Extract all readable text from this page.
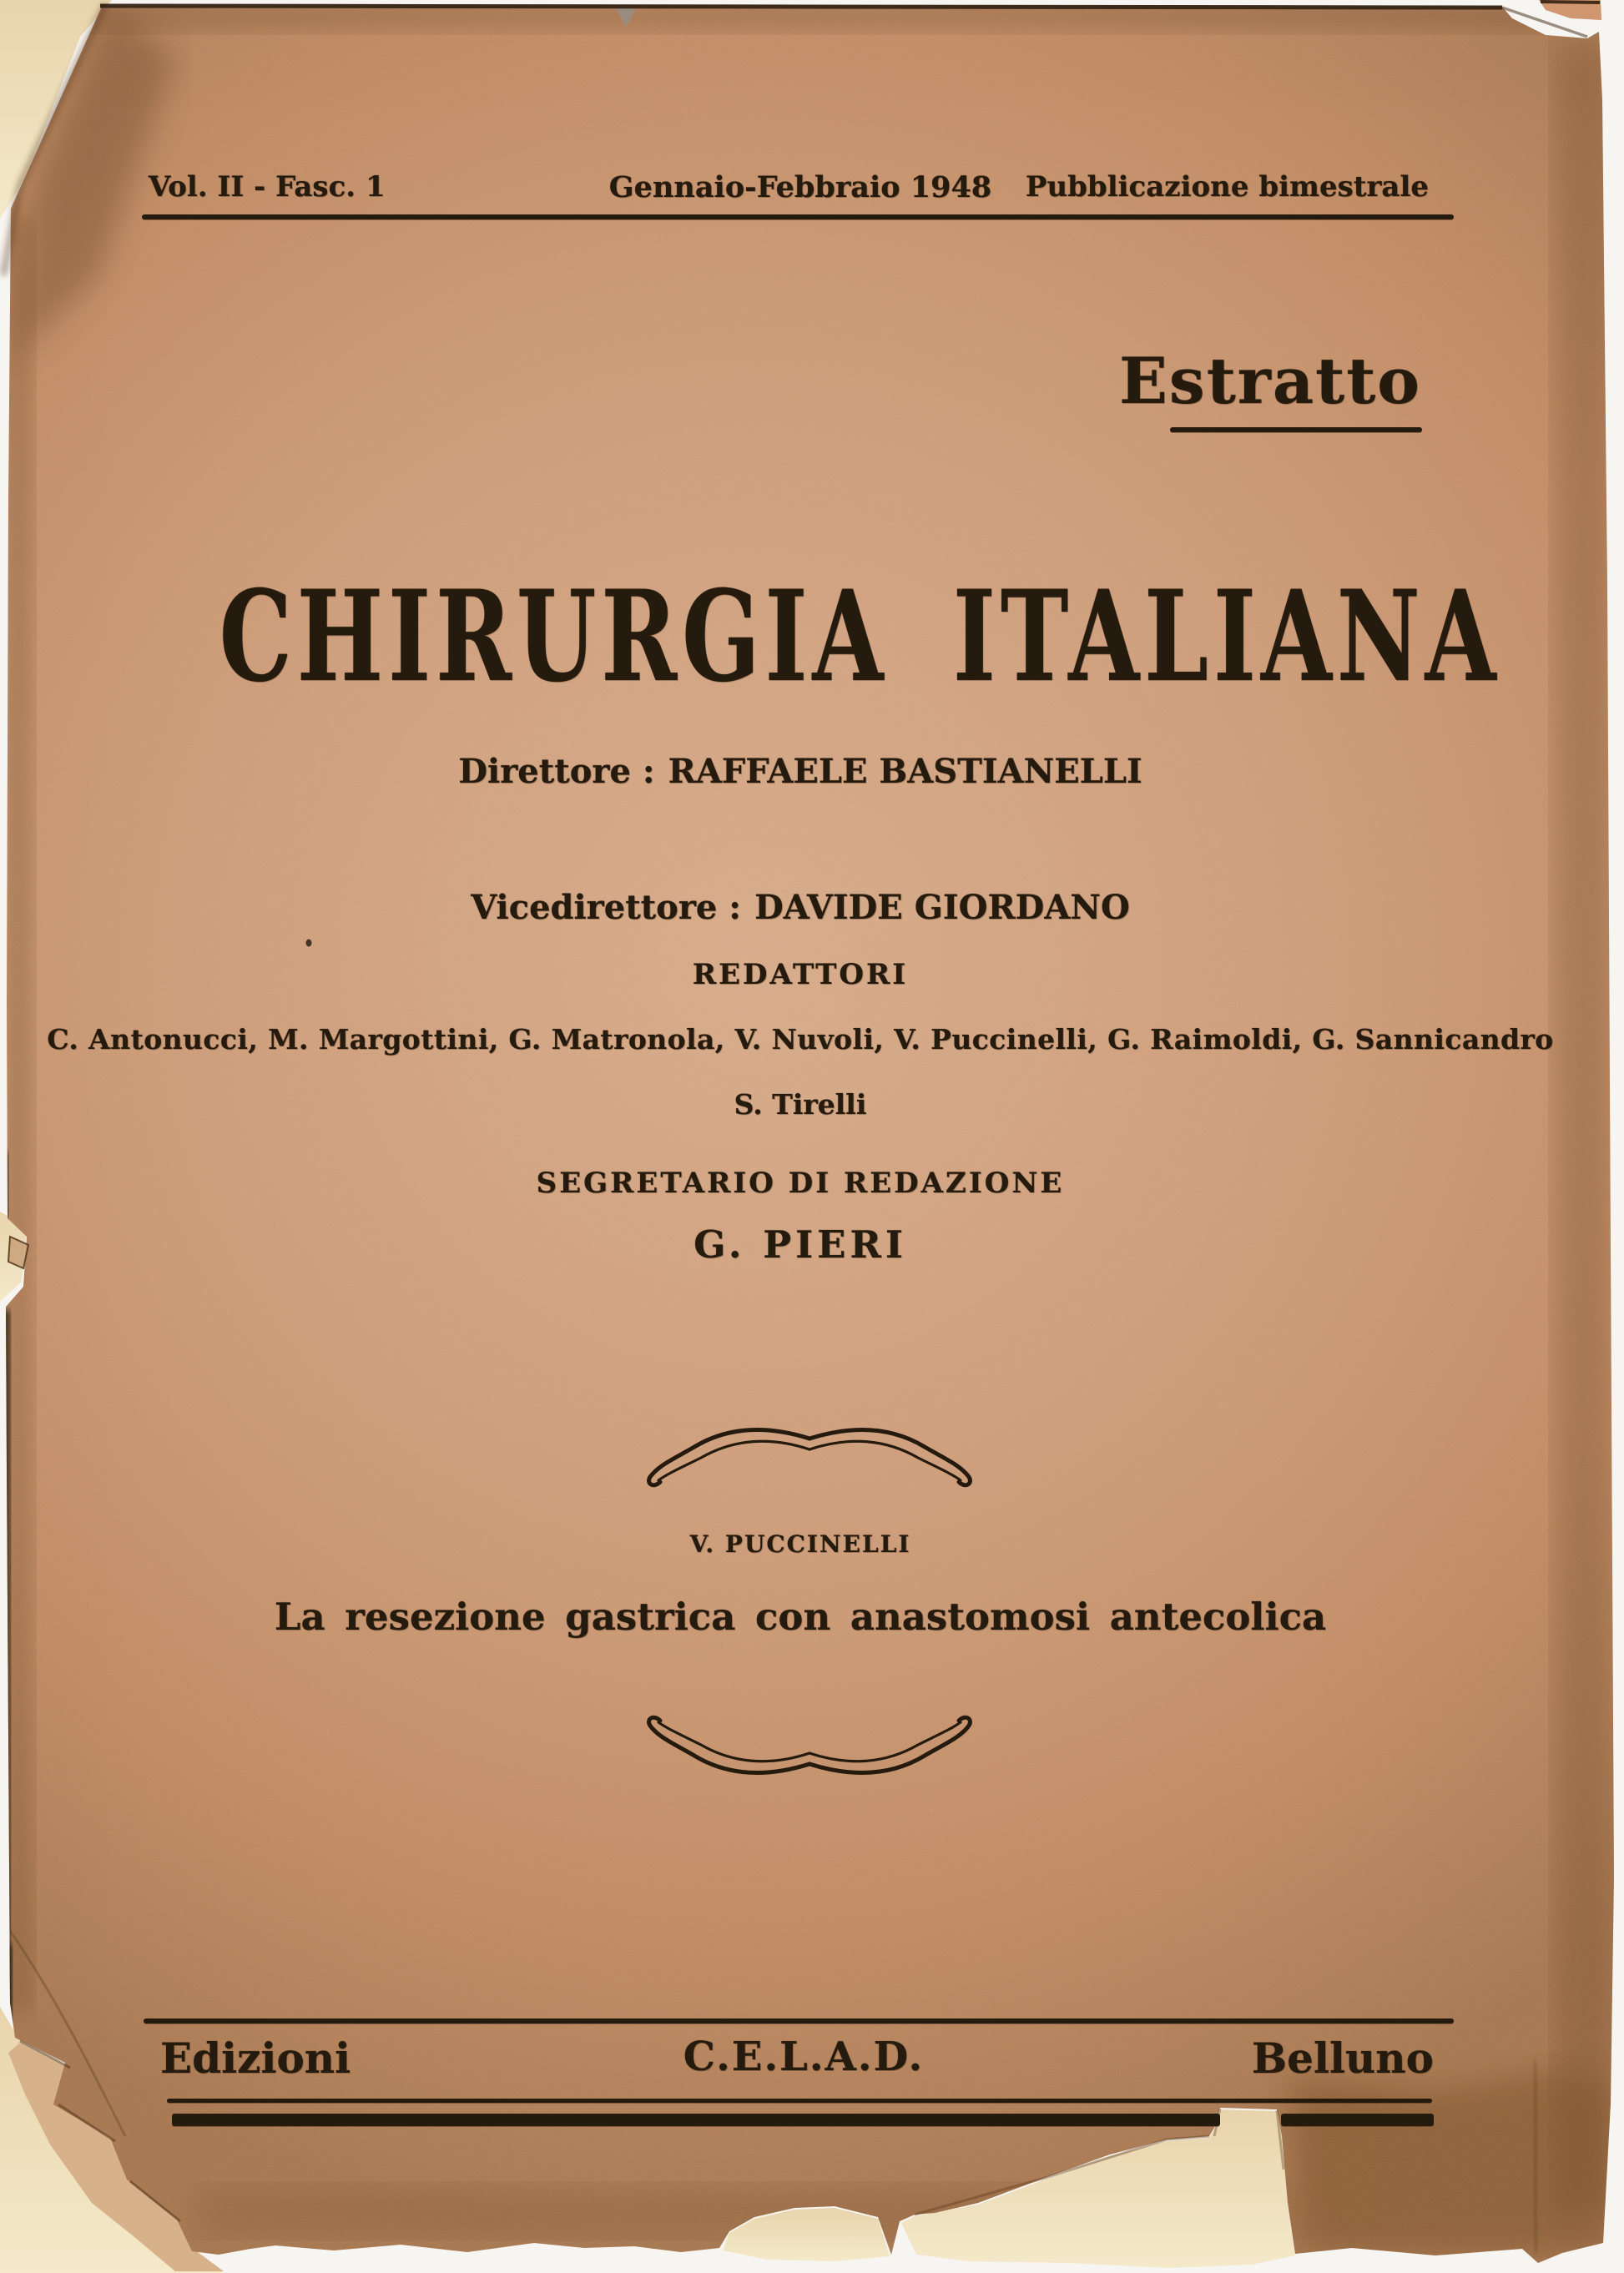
Vol. II - Fasc. 1	Gennaio-Febbraio 1948	Pubblicazione bimestrale
Estratto
CHIRURGIA ITALIANA
Direttore : RAFFAELE BASTIANELLI
Vicedirettore : DAVIDE GIORDANO
REDATTORI
C. Antonucci, M. Margottini, G. Matronola, V. Nuvoli, V. Puccinelli, G. Raimoldi, G. Sannicandro
S. Tirelli
SEGRETARIO DI REDAZIONE
G. PIERI
V. PUCCINELLI
La resezione gastrica con anastomosi antecolica
Edizioni	C.E.L.A.D.	Belluno
